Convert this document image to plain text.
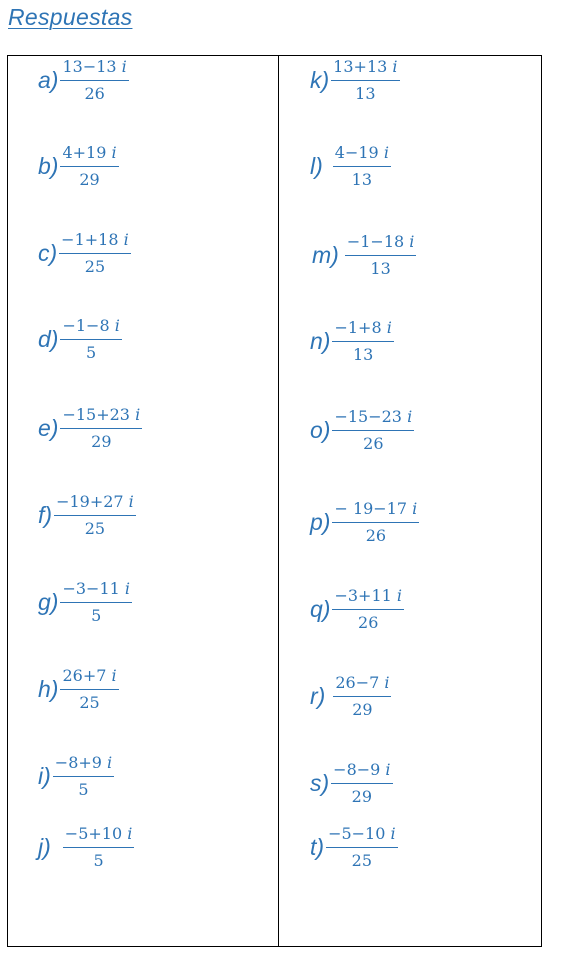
Respuestas
$a) \frac{\text{13−13 𝑖}}{26}$
$b) \frac{\text{4+19 𝑖}}{29}$
$c) \frac{\text{−1+18 𝑖}}{25}$
$d) \frac{\text{−1−8 𝑖}}{5}$
$e) \frac{\text{−15+23 𝑖}}{29}$
$f) \frac{\text{−19+27 𝑖}}{25}$
$g) \frac{\text{−3−11 𝑖}}{5}$
$h) \frac{\text{26+7 𝑖}}{25}$
$i) \frac{\text{−8+9 𝑖}}{5}$
$j) \frac{\text{−5+10 𝑖}}{5}$
$k) \frac{\text{13+13 𝑖}}{13}$
$l) \frac{\text{4−19 𝑖}}{13}$
$m) \frac{\text{−1−18 𝑖}}{13}$
$n) \frac{\text{−1+8 𝑖}}{13}$
$o) \frac{\text{−15−23 𝑖}}{26}$
$p) \frac{\text{− 19−17 𝑖}}{26}$
$q) \frac{\text{−3+11 𝑖}}{26}$
$r) \frac{\text{26−7 𝑖}}{29}$
$s) \frac{\text{−8−9 𝑖}}{29}$
$t) \frac{\text{−5−10 𝑖}}{25}$
